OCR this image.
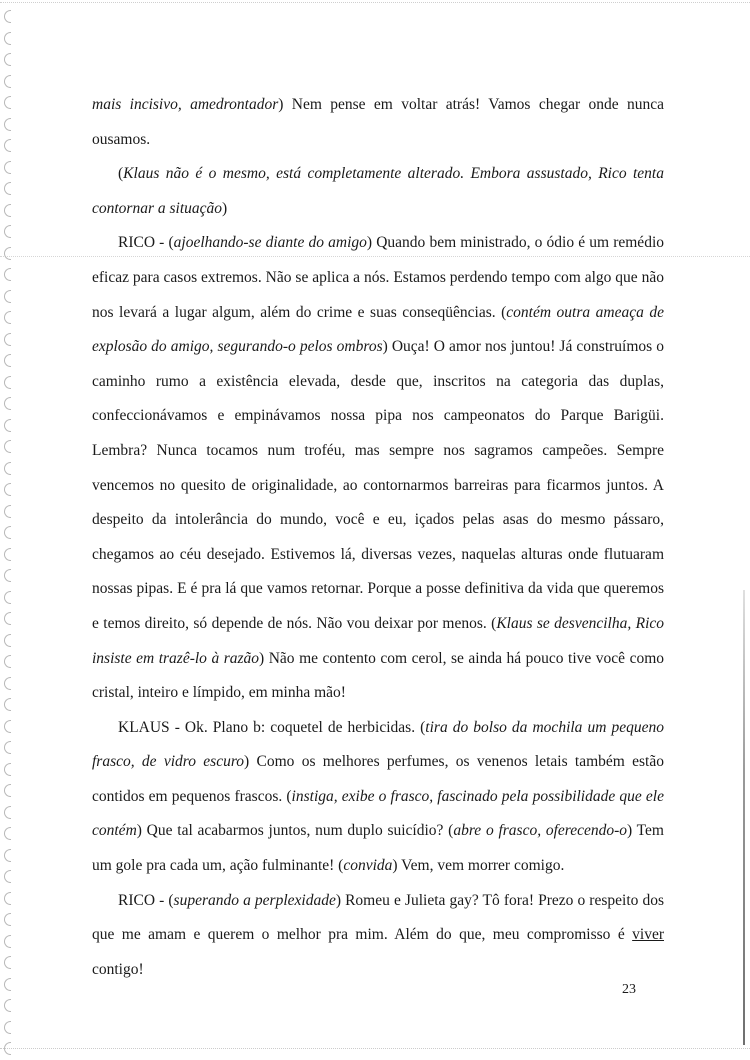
mais incisivo, amedrontador) Nem pense em voltar atrás! Vamos chegar onde nunca ousamos.

(Klaus não é o mesmo, está completamente alterado. Embora assustado, Rico tenta contornar a situação)

RICO - (ajoelhando-se diante do amigo) Quando bem ministrado, o ódio é um remédio eficaz para casos extremos. Não se aplica a nós. Estamos perdendo tempo com algo que não nos levará a lugar algum, além do crime e suas conseqüências. (contém outra ameaça de explosão do amigo, segurando-o pelos ombros) Ouça! O amor nos juntou! Já construímos o caminho rumo a existência elevada, desde que, inscritos na categoria das duplas, confeccionávamos e empinávamos nossa pipa nos campeonatos do Parque Barigüi. Lembra? Nunca tocamos num troféu, mas sempre nos sagramos campeões. Sempre vencemos no quesito de originalidade, ao contornarmos barreiras para ficarmos juntos. A despeito da intolerância do mundo, você e eu, içados pelas asas do mesmo pássaro, chegamos ao céu desejado. Estivemos lá, diversas vezes, naquelas alturas onde flutuaram nossas pipas. E é pra lá que vamos retornar. Porque a posse definitiva da vida que queremos e temos direito, só depende de nós. Não vou deixar por menos. (Klaus se desvencilha, Rico insiste em trazê-lo à razão) Não me contento com cerol, se ainda há pouco tive você como cristal, inteiro e límpido, em minha mão!

KLAUS - Ok. Plano b: coquetel de herbicidas. (tira do bolso da mochila um pequeno frasco, de vidro escuro) Como os melhores perfumes, os venenos letais também estão contidos em pequenos frascos. (instiga, exibe o frasco, fascinado pela possibilidade que ele contém) Que tal acabarmos juntos, num duplo suicídio? (abre o frasco, oferecendo-o) Tem um gole pra cada um, ação fulminante! (convida) Vem, vem morrer comigo.

RICO - (superando a perplexidade) Romeu e Julieta gay? Tô fora! Prezo o respeito dos que me amam e querem o melhor pra mim. Além do que, meu compromisso é viver contigo!

23
